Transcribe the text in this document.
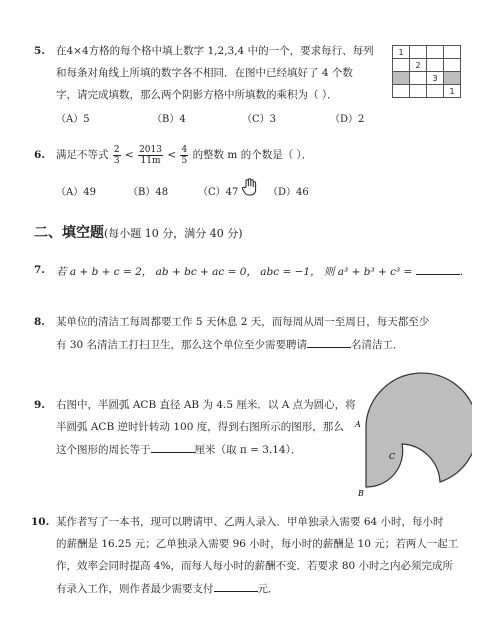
5. 在4×4方格的每个格中填上数字 1,2,3,4 中的一个，要求每行、每列
和每条对角线上所填的数字各不相同．在图中已经填好了 4 个数
字，请完成填数，那么两个阴影方格中所填数的乘积为（ ）．
（A）5	（B）4	（C）3	（D）2
1			
	2		
		3	
			1
6. 满足不等式 $\frac{2}{3} < \frac{2013}{11m} < \frac{4}{5}$ 的整数 m 的个数是（ ）．
（A）49	（B）48	（C）47	（D）46
二、填空题(每小题 10 分，满分 40 分)
7. 若 a + b + c = 2， ab + bc + ac = 0， abc = −1， 则 a³ + b³ + c³ =	．
8. 某单位的清洁工每周都要工作 5 天休息 2 天，而每周从周一至周日，每天都至少
有 30 名清洁工打扫卫生，那么这个单位至少需要聘请	名清洁工．
9. 右图中，半圆弧 ACB 直径 AB 为 4.5 厘米．以 A 点为圆心，将
半圆弧 ACB 逆时针转动 100 度，得到右图所示的图形，那么
这个图形的周长等于	厘米（取 π = 3.14）．
A
C
B
10. 某作者写了一本书，现可以聘请甲、乙两人录入．甲单独录入需要 64 小时，每小时
的薪酬是 16.25 元；乙单独录入需要 96 小时，每小时的薪酬是 10 元；若两人一起工
作，效率会同时提高 4%，而每人每小时的薪酬不变．若要求 80 小时之内必须完成所
有录入工作，则作者最少需要支付	元．
